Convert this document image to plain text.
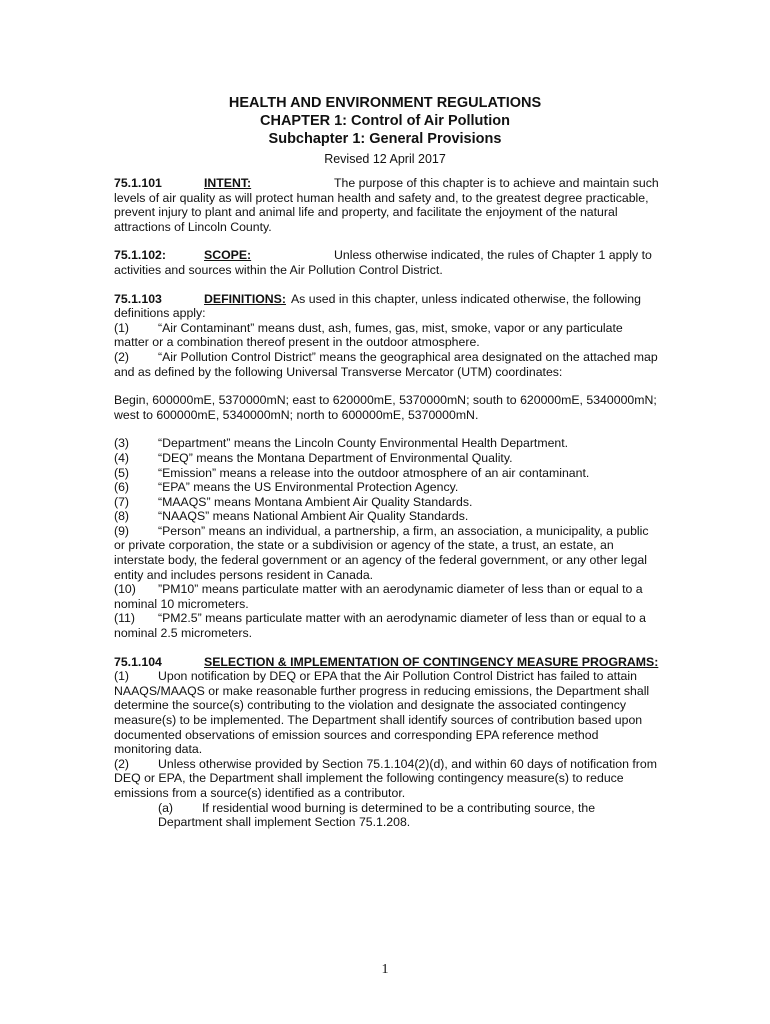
HEALTH AND ENVIRONMENT REGULATIONS
CHAPTER 1: Control of Air Pollution
Subchapter 1: General Provisions
Revised 12 April 2017
75.1.101	INTENT:	The purpose of this chapter is to achieve and maintain such levels of air quality as will protect human health and safety and, to the greatest degree practicable, prevent injury to plant and animal life and property, and facilitate the enjoyment of the natural attractions of Lincoln County.
75.1.102:	SCOPE:	Unless otherwise indicated, the rules of Chapter 1 apply to activities and sources within the Air Pollution Control District.
75.1.103	DEFINITIONS: As used in this chapter, unless indicated otherwise, the following definitions apply:
(1) “Air Contaminant” means dust, ash, fumes, gas, mist, smoke, vapor or any particulate matter or a combination thereof present in the outdoor atmosphere.
(2) “Air Pollution Control District” means the geographical area designated on the attached map and as defined by the following Universal Transverse Mercator (UTM) coordinates:
Begin, 600000mE, 5370000mN; east to 620000mE, 5370000mN; south to 620000mE, 5340000mN; west to 600000mE, 5340000mN; north to 600000mE, 5370000mN.
(3) “Department” means the Lincoln County Environmental Health Department.
(4) “DEQ” means the Montana Department of Environmental Quality.
(5) “Emission” means a release into the outdoor atmosphere of an air contaminant.
(6) “EPA” means the US Environmental Protection Agency.
(7) “MAAQS” means Montana Ambient Air Quality Standards.
(8) “NAAQS” means National Ambient Air Quality Standards.
(9) “Person” means an individual, a partnership, a firm, an association, a municipality, a public or private corporation, the state or a subdivision or agency of the state, a trust, an estate, an interstate body, the federal government or an agency of the federal government, or any other legal entity and includes persons resident in Canada.
(10) ”PM10” means particulate matter with an aerodynamic diameter of less than or equal to a nominal 10 micrometers.
(11) “PM2.5” means particulate matter with an aerodynamic diameter of less than or equal to a nominal 2.5 micrometers.
75.1.104	SELECTION & IMPLEMENTATION OF CONTINGENCY MEASURE PROGRAMS:
(1) Upon notification by DEQ or EPA that the Air Pollution Control District has failed to attain NAAQS/MAAQS or make reasonable further progress in reducing emissions, the Department shall determine the source(s) contributing to the violation and designate the associated contingency measure(s) to be implemented. The Department shall identify sources of contribution based upon documented observations of emission sources and corresponding EPA reference method monitoring data.
(2) Unless otherwise provided by Section 75.1.104(2)(d), and within 60 days of notification from DEQ or EPA, the Department shall implement the following contingency measure(s) to reduce emissions from a source(s) identified as a contributor.
(a) If residential wood burning is determined to be a contributing source, the Department shall implement Section 75.1.208.
1
